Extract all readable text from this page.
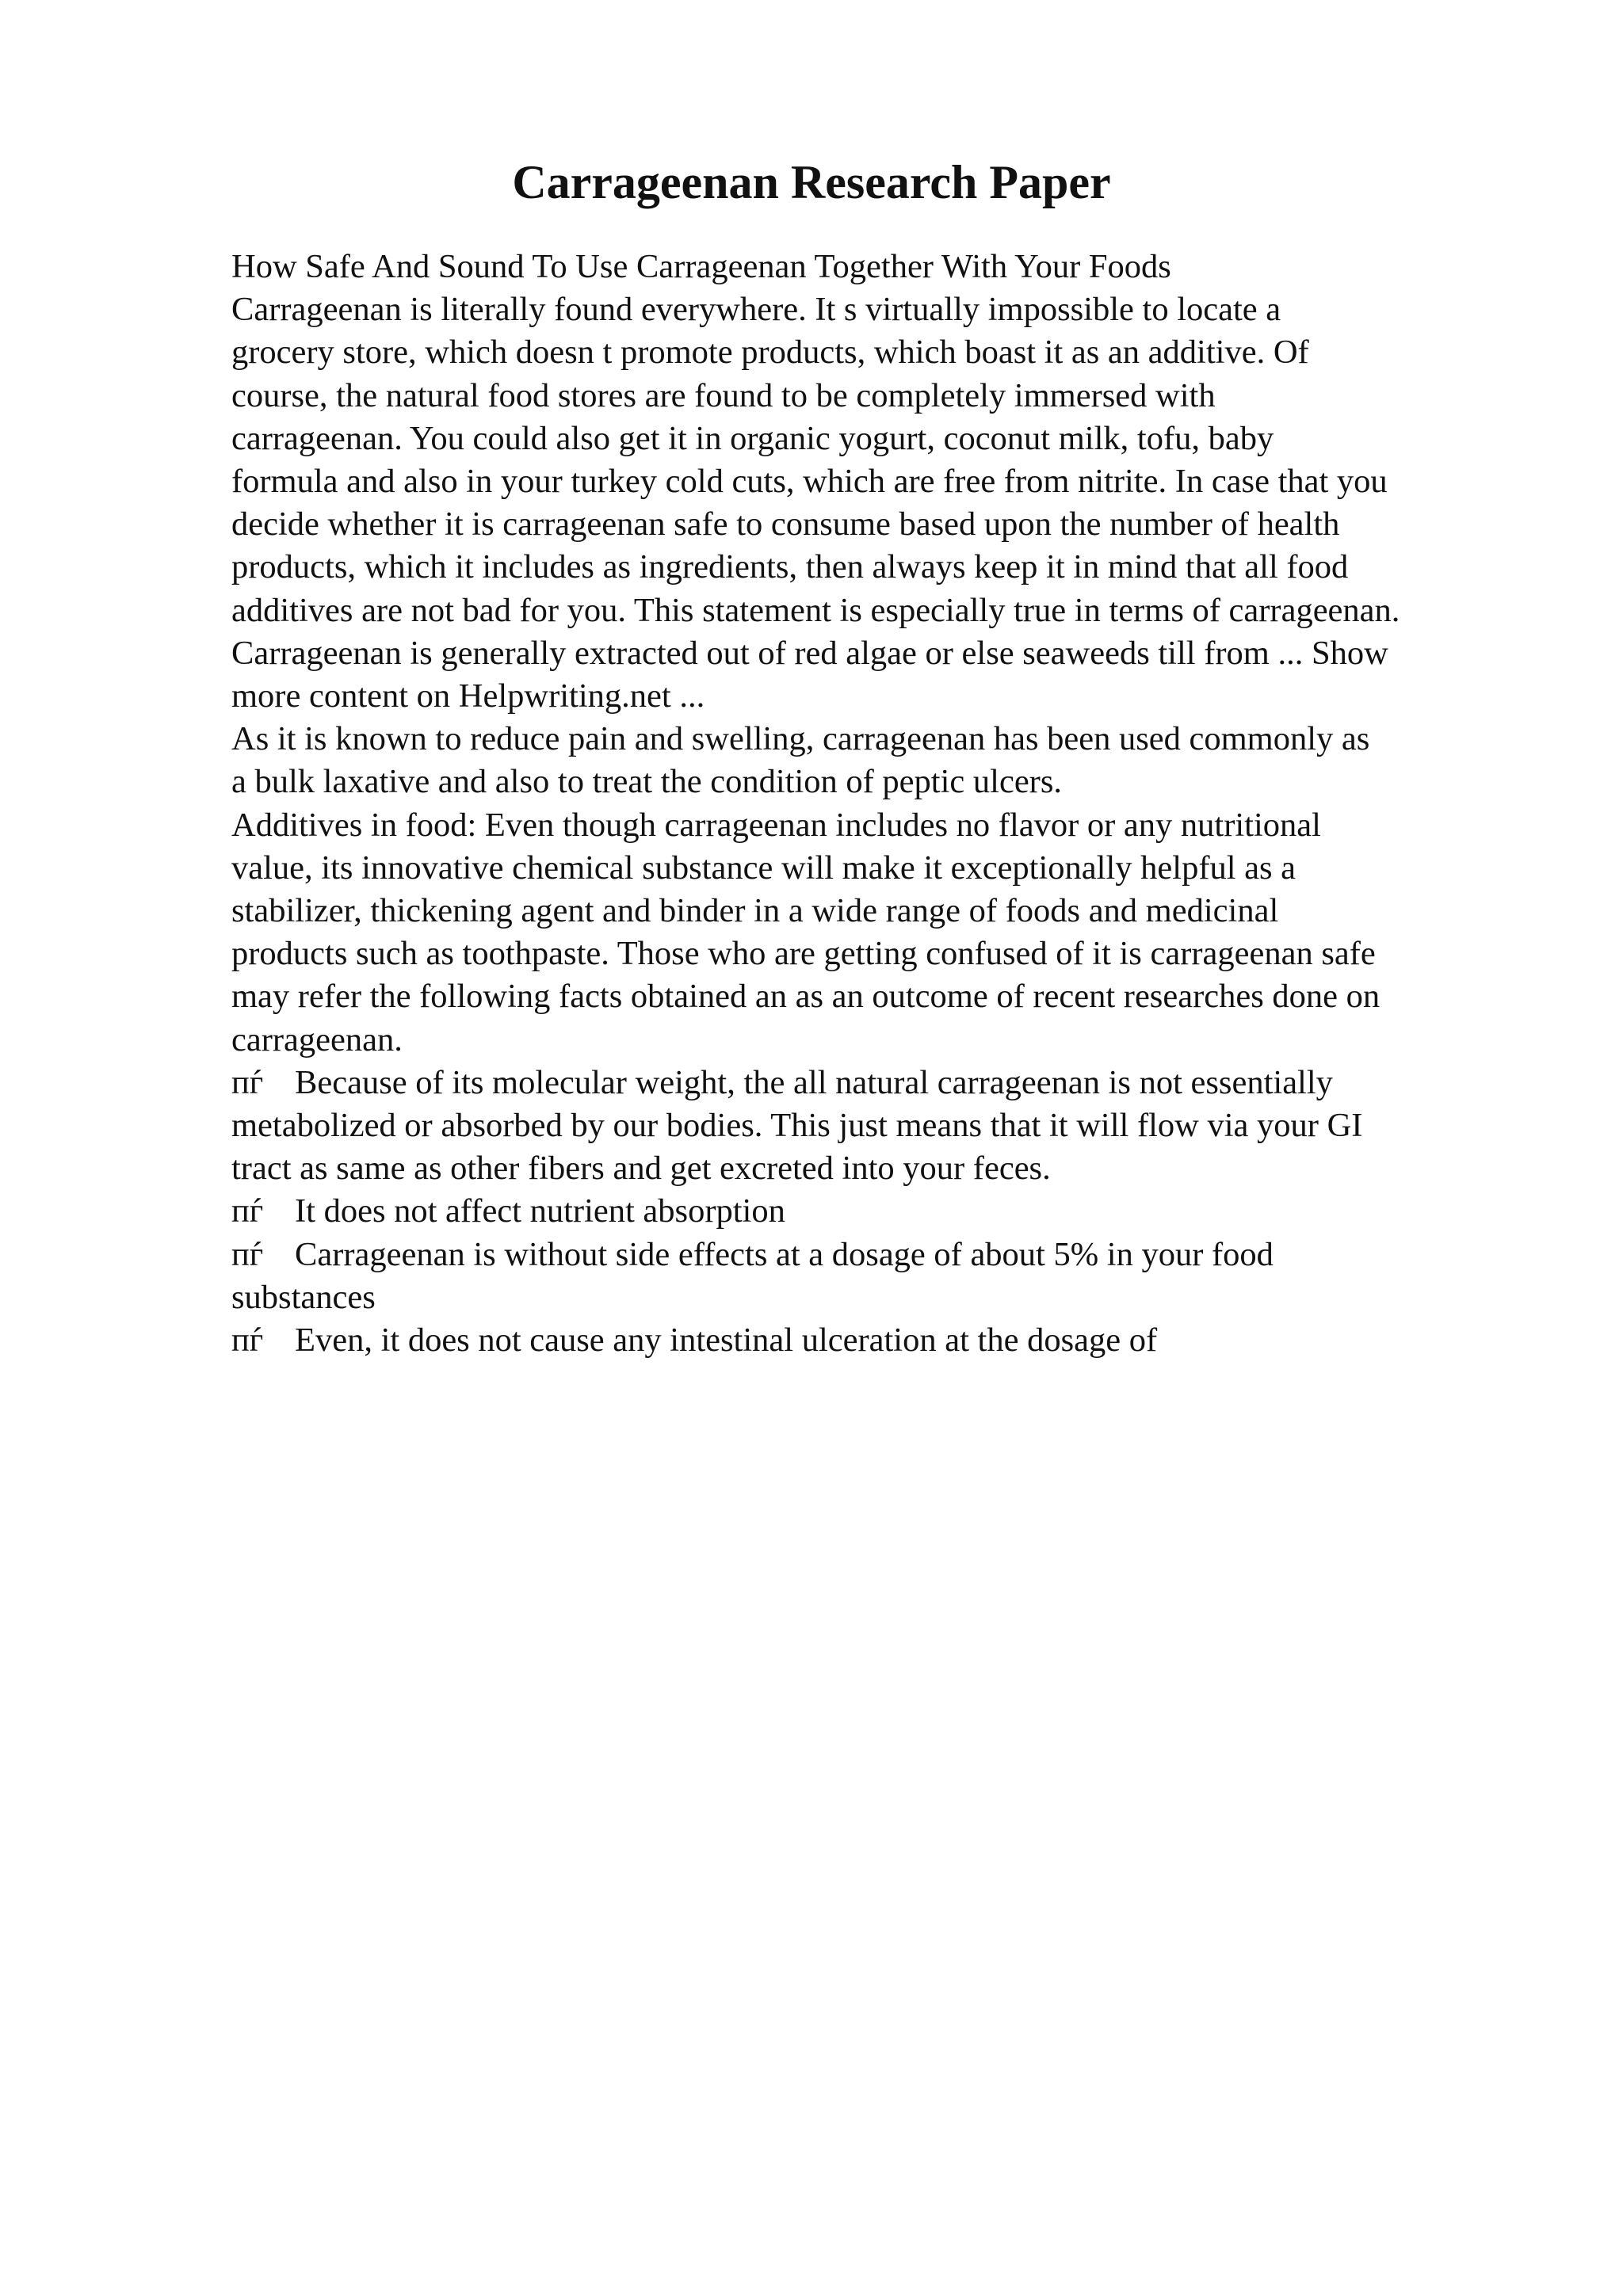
Carrageenan Research Paper
How Safe And Sound To Use Carrageenan Together With Your Foods
Carrageenan is literally found everywhere. It s virtually impossible to locate a
grocery store, which doesn t promote products, which boast it as an additive. Of
course, the natural food stores are found to be completely immersed with
carrageenan. You could also get it in organic yogurt, coconut milk, tofu, baby
formula and also in your turkey cold cuts, which are free from nitrite. In case that you
decide whether it is carrageenan safe to consume based upon the number of health
products, which it includes as ingredients, then always keep it in mind that all food
additives are not bad for you. This statement is especially true in terms of carrageenan.
Carrageenan is generally extracted out of red algae or else seaweeds till from ... Show
more content on Helpwriting.net ...
As it is known to reduce pain and swelling, carrageenan has been used commonly as
a bulk laxative and also to treat the condition of peptic ulcers.
Additives in food: Even though carrageenan includes no flavor or any nutritional
value, its innovative chemical substance will make it exceptionally helpful as a
stabilizer, thickening agent and binder in a wide range of foods and medicinal
products such as toothpaste. Those who are getting confused of it is carrageenan safe
may refer the following facts obtained an as an outcome of recent researches done on
carrageenan.
пѓ Because of its molecular weight, the all natural carrageenan is not essentially
metabolized or absorbed by our bodies. This just means that it will flow via your GI
tract as same as other fibers and get excreted into your feces.
пѓ It does not affect nutrient absorption
пѓ Carrageenan is without side effects at a dosage of about 5% in your food
substances
пѓ Even, it does not cause any intestinal ulceration at the dosage of
